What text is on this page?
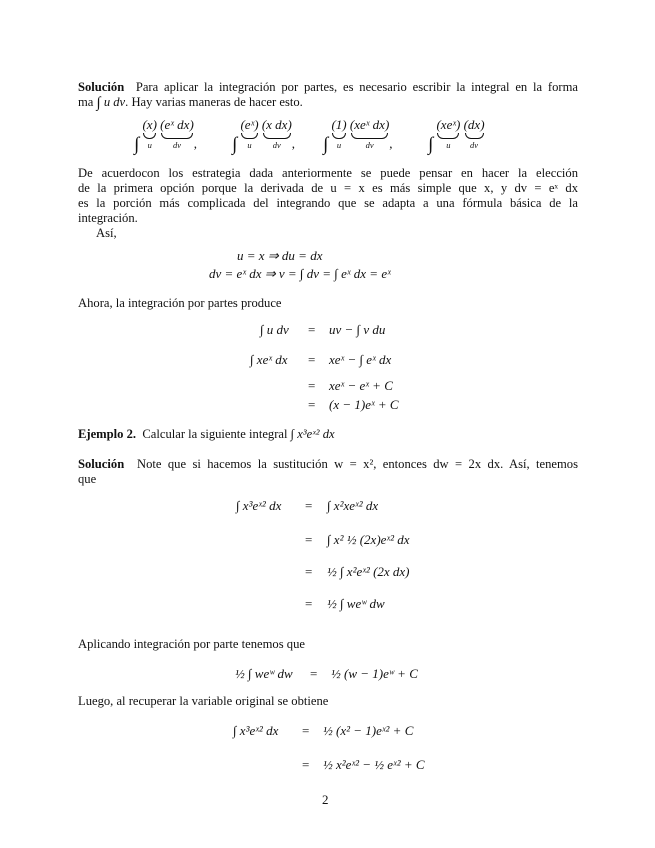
Solución Para aplicar la integración por partes, es necesario escribir la integral en la forma

ma ∫ u dv. Hay varias maneras de hacer esto.

∫
(x)
u

(eˣ dx)
dv , ∫
(eˣ)
u

(x dx)
dv , ∫
(1)
u

(xeˣ dx)
dv	, ∫
(xeˣ)
u

(dx)
dv

De acuerdocon los estrategia dada anteriormente se puede pensar en hacer la elección

de la primera opción porque la derivada de u = x es más simple que x, y dv = eˣ dx

es la porción más complicada del integrando que se adapta a una fórmula básica de la

integración.

Así,

u = x ⇒ du = dx
dv = eˣ dx ⇒ v = ∫ dv = ∫ eˣ dx = eˣ

Ahora, la integración por partes produce

∫ u dv = uv − ∫ v du
∫ xeˣ dx = xeˣ − ∫ eˣ dx
= xeˣ − eˣ + C
= (x − 1)eˣ + C

Ejemplo 2. Calcular la siguiente integral ∫ x³eˣ² dx

Solución Note que si hacemos la sustitución w = x², entonces dw = 2x dx. Así, tenemos

que

∫ x³eˣ² dx = ∫ x²xeˣ² dx
= ∫ x² ½ (2x)eˣ² dx
= ½ ∫ x²eˣ² (2x dx)
= ½ ∫ weʷ dw

Aplicando integración por parte tenemos que

½ ∫ weʷ dw = ½ (w − 1)eʷ + C

Luego, al recuperar la variable original se obtiene

∫ x³eˣ² dx = ½ (x² − 1)eˣ² + C
= ½ x²eˣ² − ½ eˣ² + C
2
